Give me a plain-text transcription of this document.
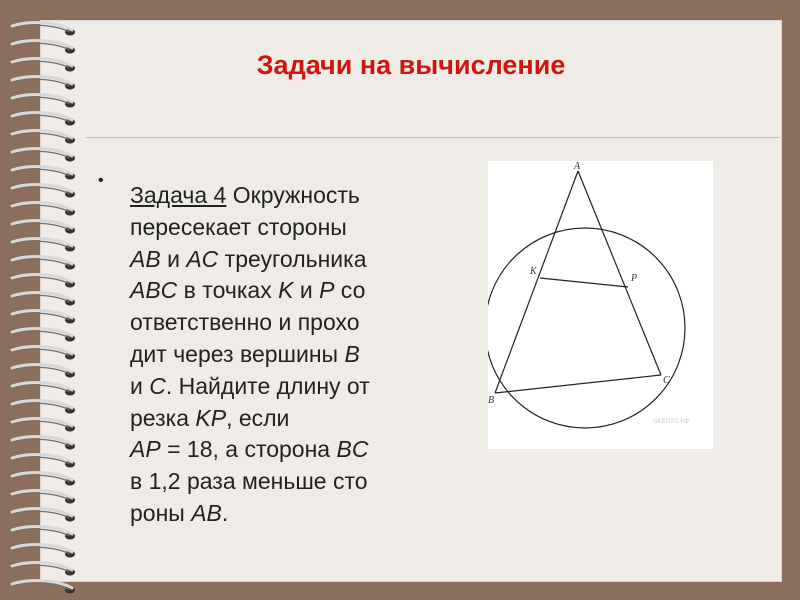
Задачи на вычисление
•
Задача 4 Окружность
пересекает стороны
AB и AC треугольника
ABC в точках K и P со
ответственно и прохо
дит через вершины B
и C. Найдите длину от
резка KP, если
AP = 18, а сторона BC
в 1,2 раза меньше сто
роны AB.
A
K
P
B
C
OKEOTO.PФ
